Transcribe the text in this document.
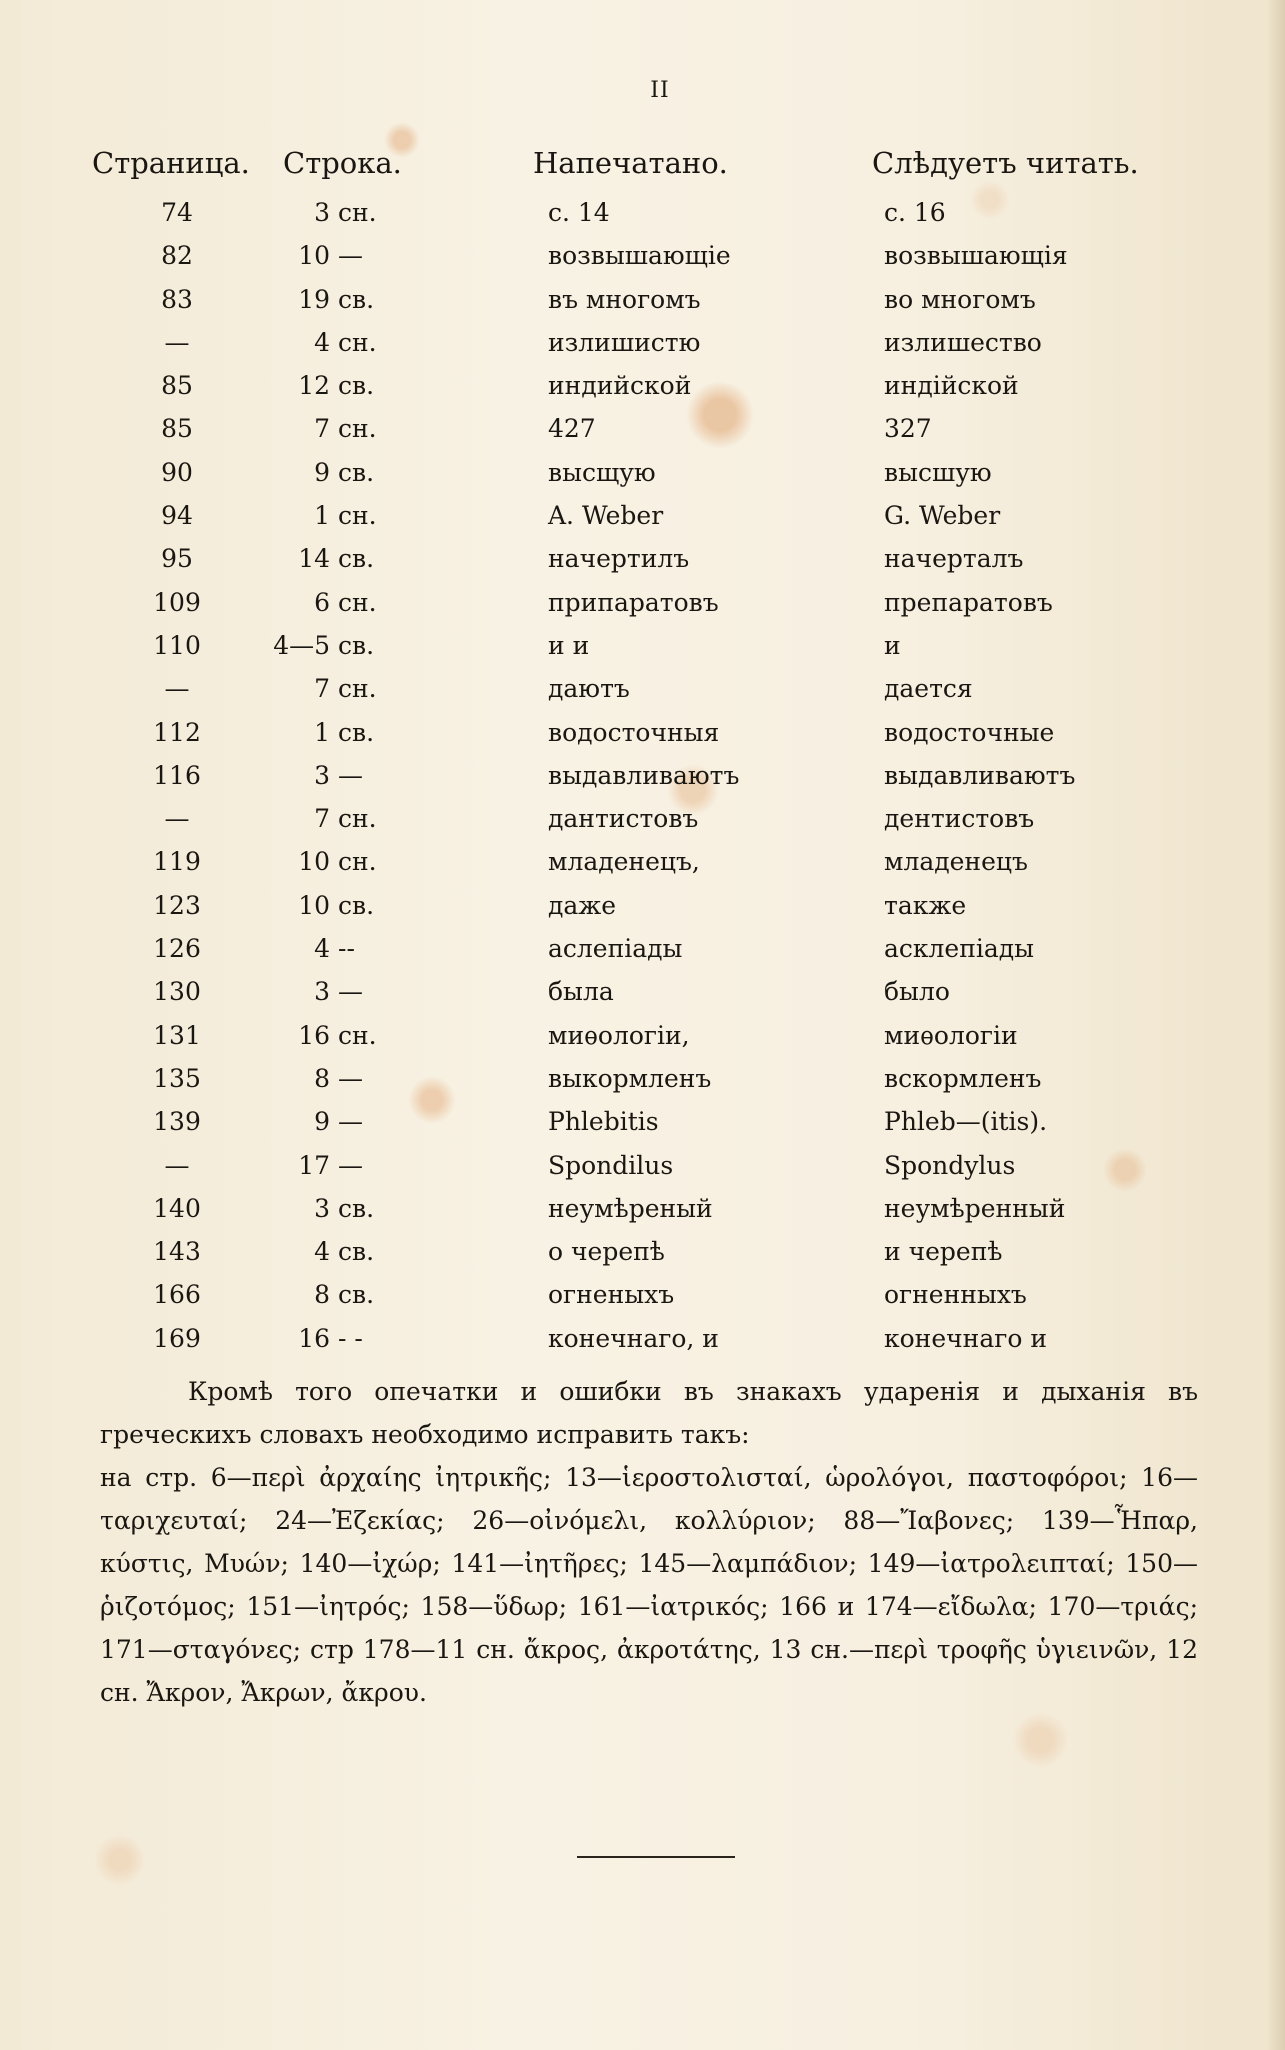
II
Страница. Строка.	Напечатано.	Слѣдуетъ читать.
74	3 сн.	с. 14	с. 16
82	10 —	возвышающіе	возвышающія
83	19 св.	въ многомъ	во многомъ
—	4 сн.	излишистю	излишество
85	12 св.	индийской	индійской
85	7 сн.	427	327
90	9 св.	высщую	высшую
94	1 сн.	A. Weber	G. Weber
95	14 св.	начертилъ	начерталъ
109	6 сн.	припаратовъ	препаратовъ
110	4—5 св.	и и	и
—	7 сн.	даютъ	дается
112	1 св.	водосточныя	водосточные
116	3 —	выдавливаютъ	выдавливаютъ
—	7 сн.	дантистовъ	дентистовъ
119	10 сн.	младенецъ,	младенецъ
123	10 св.	даже	также
126	4 --	аслепіады	асклепіады
130	3 —	была	было
131	16 сн.	миѳологіи,	миѳологіи
135	8 —	выкормленъ	вскормленъ
139	9 —	Phlebitis	Phleb—(itis).
—	17 —	Spondilus	Spondylus
140	3 св.	неумѣреный	неумѣренный
143	4 св.	о черепѣ	и черепѣ
166	8 св.	огненыхъ	огненныхъ
169	16 - -	конечнаго, и	конечнаго и

Кромѣ того опечатки и ошибки въ знакахъ ударенія и дыханія въ греческихъ словахъ необходимо исправить такъ:

на стр. 6—περὶ ἀρχαίης ἰητρικῆς; 13—ἱεροστολισταί, ὡρολόγοι, παστοφόροι; 16—ταριχευταί; 24—Ἐζεκίας; 26—οἰνόμελι, κολλύριον; 88—Ἴαβονες; 139—Ἧπαρ, κύστις, Μυών; 140—ἰχώρ; 141—ἰητῆρες; 145—λαμπάδιον; 149—ἰατρολειπταί; 150—ῥιζοτόμος; 151—ἰητρός; 158—ὕδωρ; 161—ἰατρικός; 166 и 174—εἴδωλα; 170—τριάς; 171—σταγόνες; стр 178—11 сн. ἄκρος, ἀκροτάτης, 13 сн.—περὶ τροφῆς ὑγιεινῶν, 12 сн. Ἄκρον, Ἄκρων, ἄκρου.
